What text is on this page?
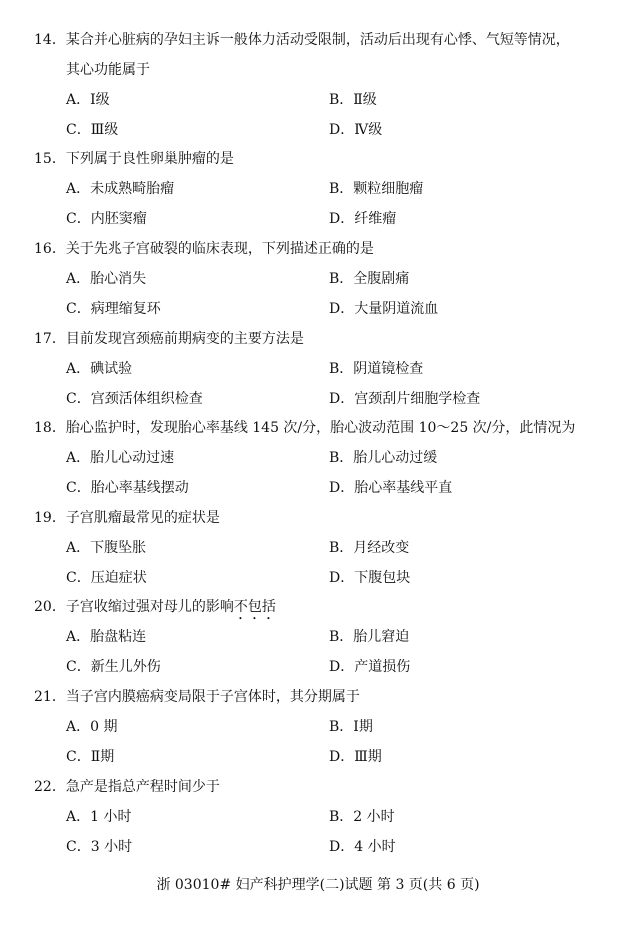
14．某合并心脏病的孕妇主诉一般体力活动受限制，活动后出现有心悸、气短等情况，
其心功能属于
A．Ⅰ级	B．Ⅱ级
C．Ⅲ级	D．Ⅳ级
15．下列属于良性卵巢肿瘤的是
A．未成熟畸胎瘤	B．颗粒细胞瘤
C．内胚窦瘤	D．纤维瘤
16．关于先兆子宫破裂的临床表现，下列描述正确的是
A．胎心消失	B．全腹剧痛
C．病理缩复环	D．大量阴道流血
17．目前发现宫颈癌前期病变的主要方法是
A．碘试验	B．阴道镜检查
C．宫颈活体组织检查	D．宫颈刮片细胞学检查
18．胎心监护时，发现胎心率基线 145 次/分，胎心波动范围 10～25 次/分，此情况为
A．胎儿心动过速	B．胎儿心动过缓
C．胎心率基线摆动	D．胎心率基线平直
19．子宫肌瘤最常见的症状是
A．下腹坠胀	B．月经改变
C．压迫症状	D．下腹包块
20．子宫收缩过强对母儿的影响不包括
A．胎盘粘连	B．胎儿窘迫
C．新生儿外伤	D．产道损伤
21．当子宫内膜癌病变局限于子宫体时，其分期属于
A．0 期	B．Ⅰ期
C．Ⅱ期	D．Ⅲ期
22．急产是指总产程时间少于
A．1 小时	B．2 小时
C．3 小时	D．4 小时
浙 03010# 妇产科护理学(二)试题 第 3 页(共 6 页)
